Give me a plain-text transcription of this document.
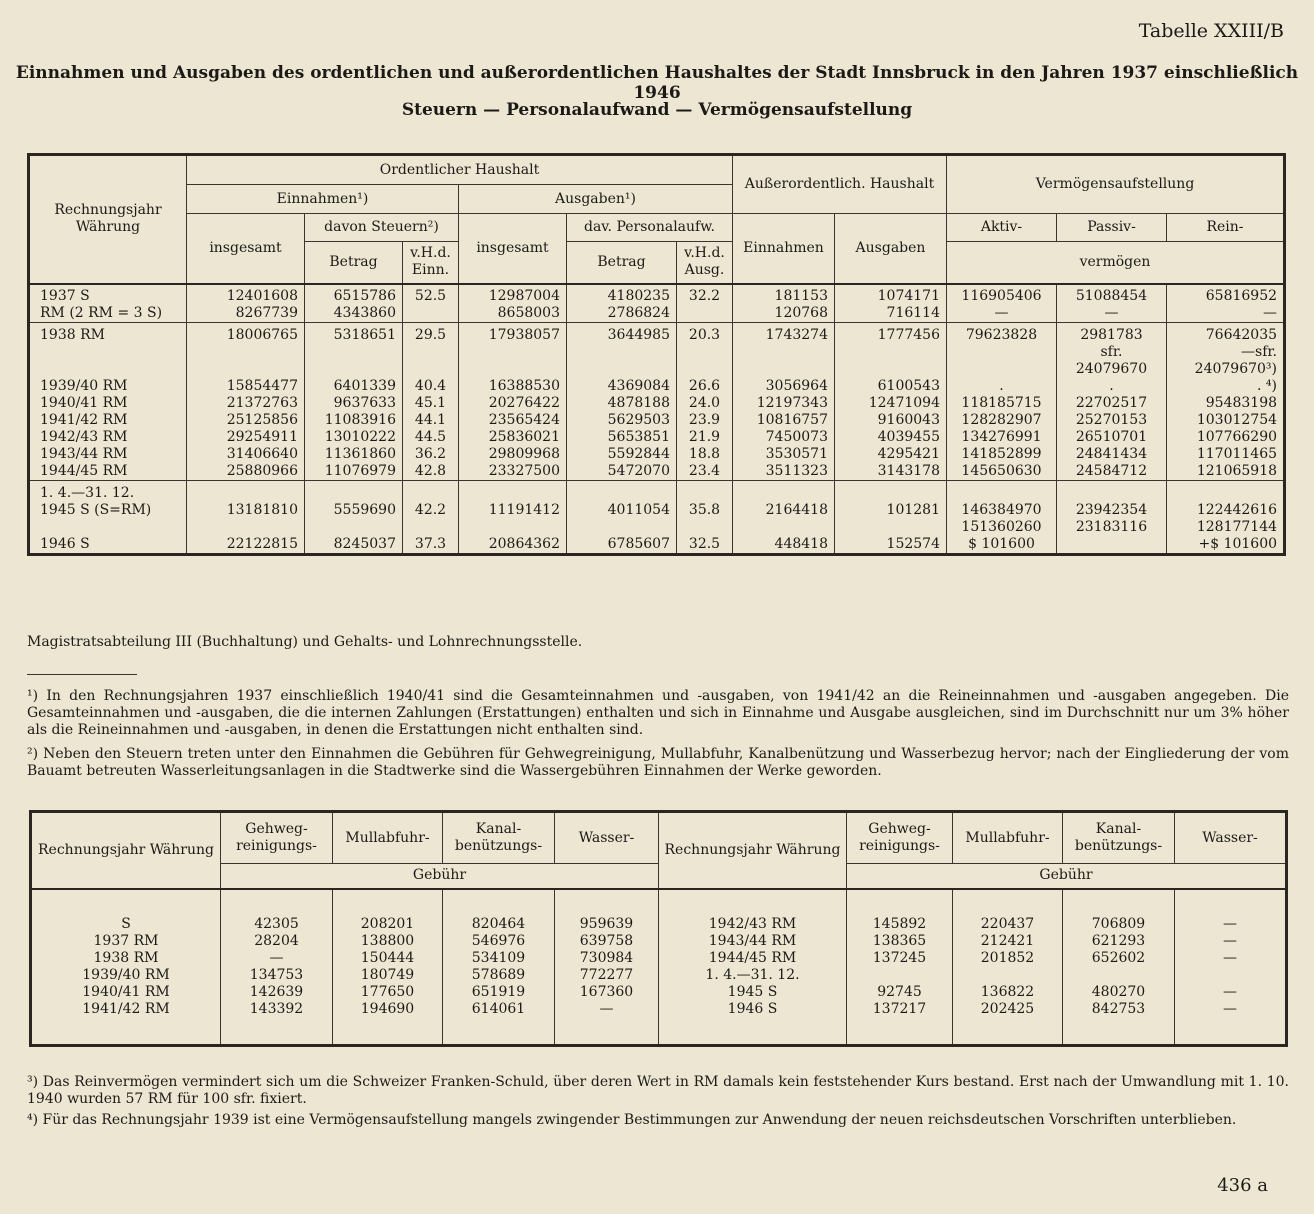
Tabelle XXIII/B
Einnahmen und Ausgaben des ordentlichen und außerordentlichen Haushaltes der Stadt Innsbruck in den Jahren 1937 einschließlich 1946
Steuern — Personalaufwand — Vermögensaufstellung
Rechnungsjahr Währung	Ordentlicher Haushalt						Außerordentlich. Haushalt		Vermögensaufstellung		
	Einnahmen¹)			Ausgaben¹)							
	insgesamt	davon Steuern²)		insgesamt	dav. Personalaufw.		Einnahmen	Ausgaben	Aktiv-	Passiv-	Rein-
		Betrag	v.H.d. Einn.		Betrag	v.H.d. Ausg.			vermögen		
1937 S	12401608	6515786	52.5	12987004	4180235	32.2	181153	1074171	116905406	51088454	65816952
RM (2 RM = 3 S)	8267739	4343860		8658003	2786824		120768	716114	—	—	—
1938 RM	18006765	5318651	29.5	17938057	3644985	20.3	1743274	1777456	79623828	2981783	76642035
										sfr.	—sfr.
										24079670	24079670³)
1939/40 RM	15854477	6401339	40.4	16388530	4369084	26.6	3056964	6100543	.	.	. ⁴)
1940/41 RM	21372763	9637633	45.1	20276422	4878188	24.0	12197343	12471094	118185715	22702517	95483198
1941/42 RM	25125856	11083916	44.1	23565424	5629503	23.9	10816757	9160043	128282907	25270153	103012754
1942/43 RM	29254911	13010222	44.5	25836021	5653851	21.9	7450073	4039455	134276991	26510701	107766290
1943/44 RM	31406640	11361860	36.2	29809968	5592844	18.8	3530571	4295421	141852899	24841434	117011465
1944/45 RM	25880966	11076979	42.8	23327500	5472070	23.4	3511323	3143178	145650630	24584712	121065918
1. 4.—31. 12.											
1945 S (S=RM)	13181810	5559690	42.2	11191412	4011054	35.8	2164418	101281	146384970	23942354	122442616
									151360260	23183116	128177144
1946 S	22122815	8245037	37.3	20864362	6785607	32.5	448418	152574	$ 101600		+$ 101600
Magistratsabteilung III (Buchhaltung) und Gehalts- und Lohnrechnungsstelle.
¹) In den Rechnungsjahren 1937 einschließlich 1940/41 sind die Gesamteinnahmen und -ausgaben, von 1941/42 an die Reineinnahmen und -ausgaben angegeben. Die Gesamteinnahmen und -ausgaben, die die internen Zahlungen (Erstattungen) enthalten und sich in Einnahme und Ausgabe ausgleichen, sind im Durchschnitt nur um 3% höher als die Reineinnahmen und -ausgaben, in denen die Erstattungen nicht enthalten sind.
²) Neben den Steuern treten unter den Einnahmen die Gebühren für Gehwegreinigung, Mullabfuhr, Kanalbenützung und Wasserbezug hervor; nach der Eingliederung der vom Bauamt betreuten Wasserleitungsanlagen in die Stadtwerke sind die Wassergebühren Einnahmen der Werke geworden.
Rechnungsjahr Währung	Gehweg-reinigungs-	Mullabfuhr-	Kanal-benützungs-	Wasser-	Rechnungsjahr Währung	Gehweg-reinigungs-	Mullabfuhr-	Kanal-benützungs-	Wasser-
	Gebühr					Gebühr			
S	42305	208201	820464	959639	1942/43 RM	145892	220437	706809	—
1937 RM	28204	138800	546976	639758	1943/44 RM	138365	212421	621293	—
1938 RM	—	150444	534109	730984	1944/45 RM	137245	201852	652602	—
1939/40 RM	134753	180749	578689	772277	1. 4.—31. 12.				
1940/41 RM	142639	177650	651919	167360	1945 S	92745	136822	480270	—
1941/42 RM	143392	194690	614061	—	1946 S	137217	202425	842753	—
³) Das Reinvermögen vermindert sich um die Schweizer Franken-Schuld, über deren Wert in RM damals kein feststehender Kurs bestand. Erst nach der Umwandlung mit 1. 10. 1940 wurden 57 RM für 100 sfr. fixiert.
⁴) Für das Rechnungsjahr 1939 ist eine Vermögensaufstellung mangels zwingender Bestimmungen zur Anwendung der neuen reichsdeutschen Vorschriften unterblieben.
436 a
